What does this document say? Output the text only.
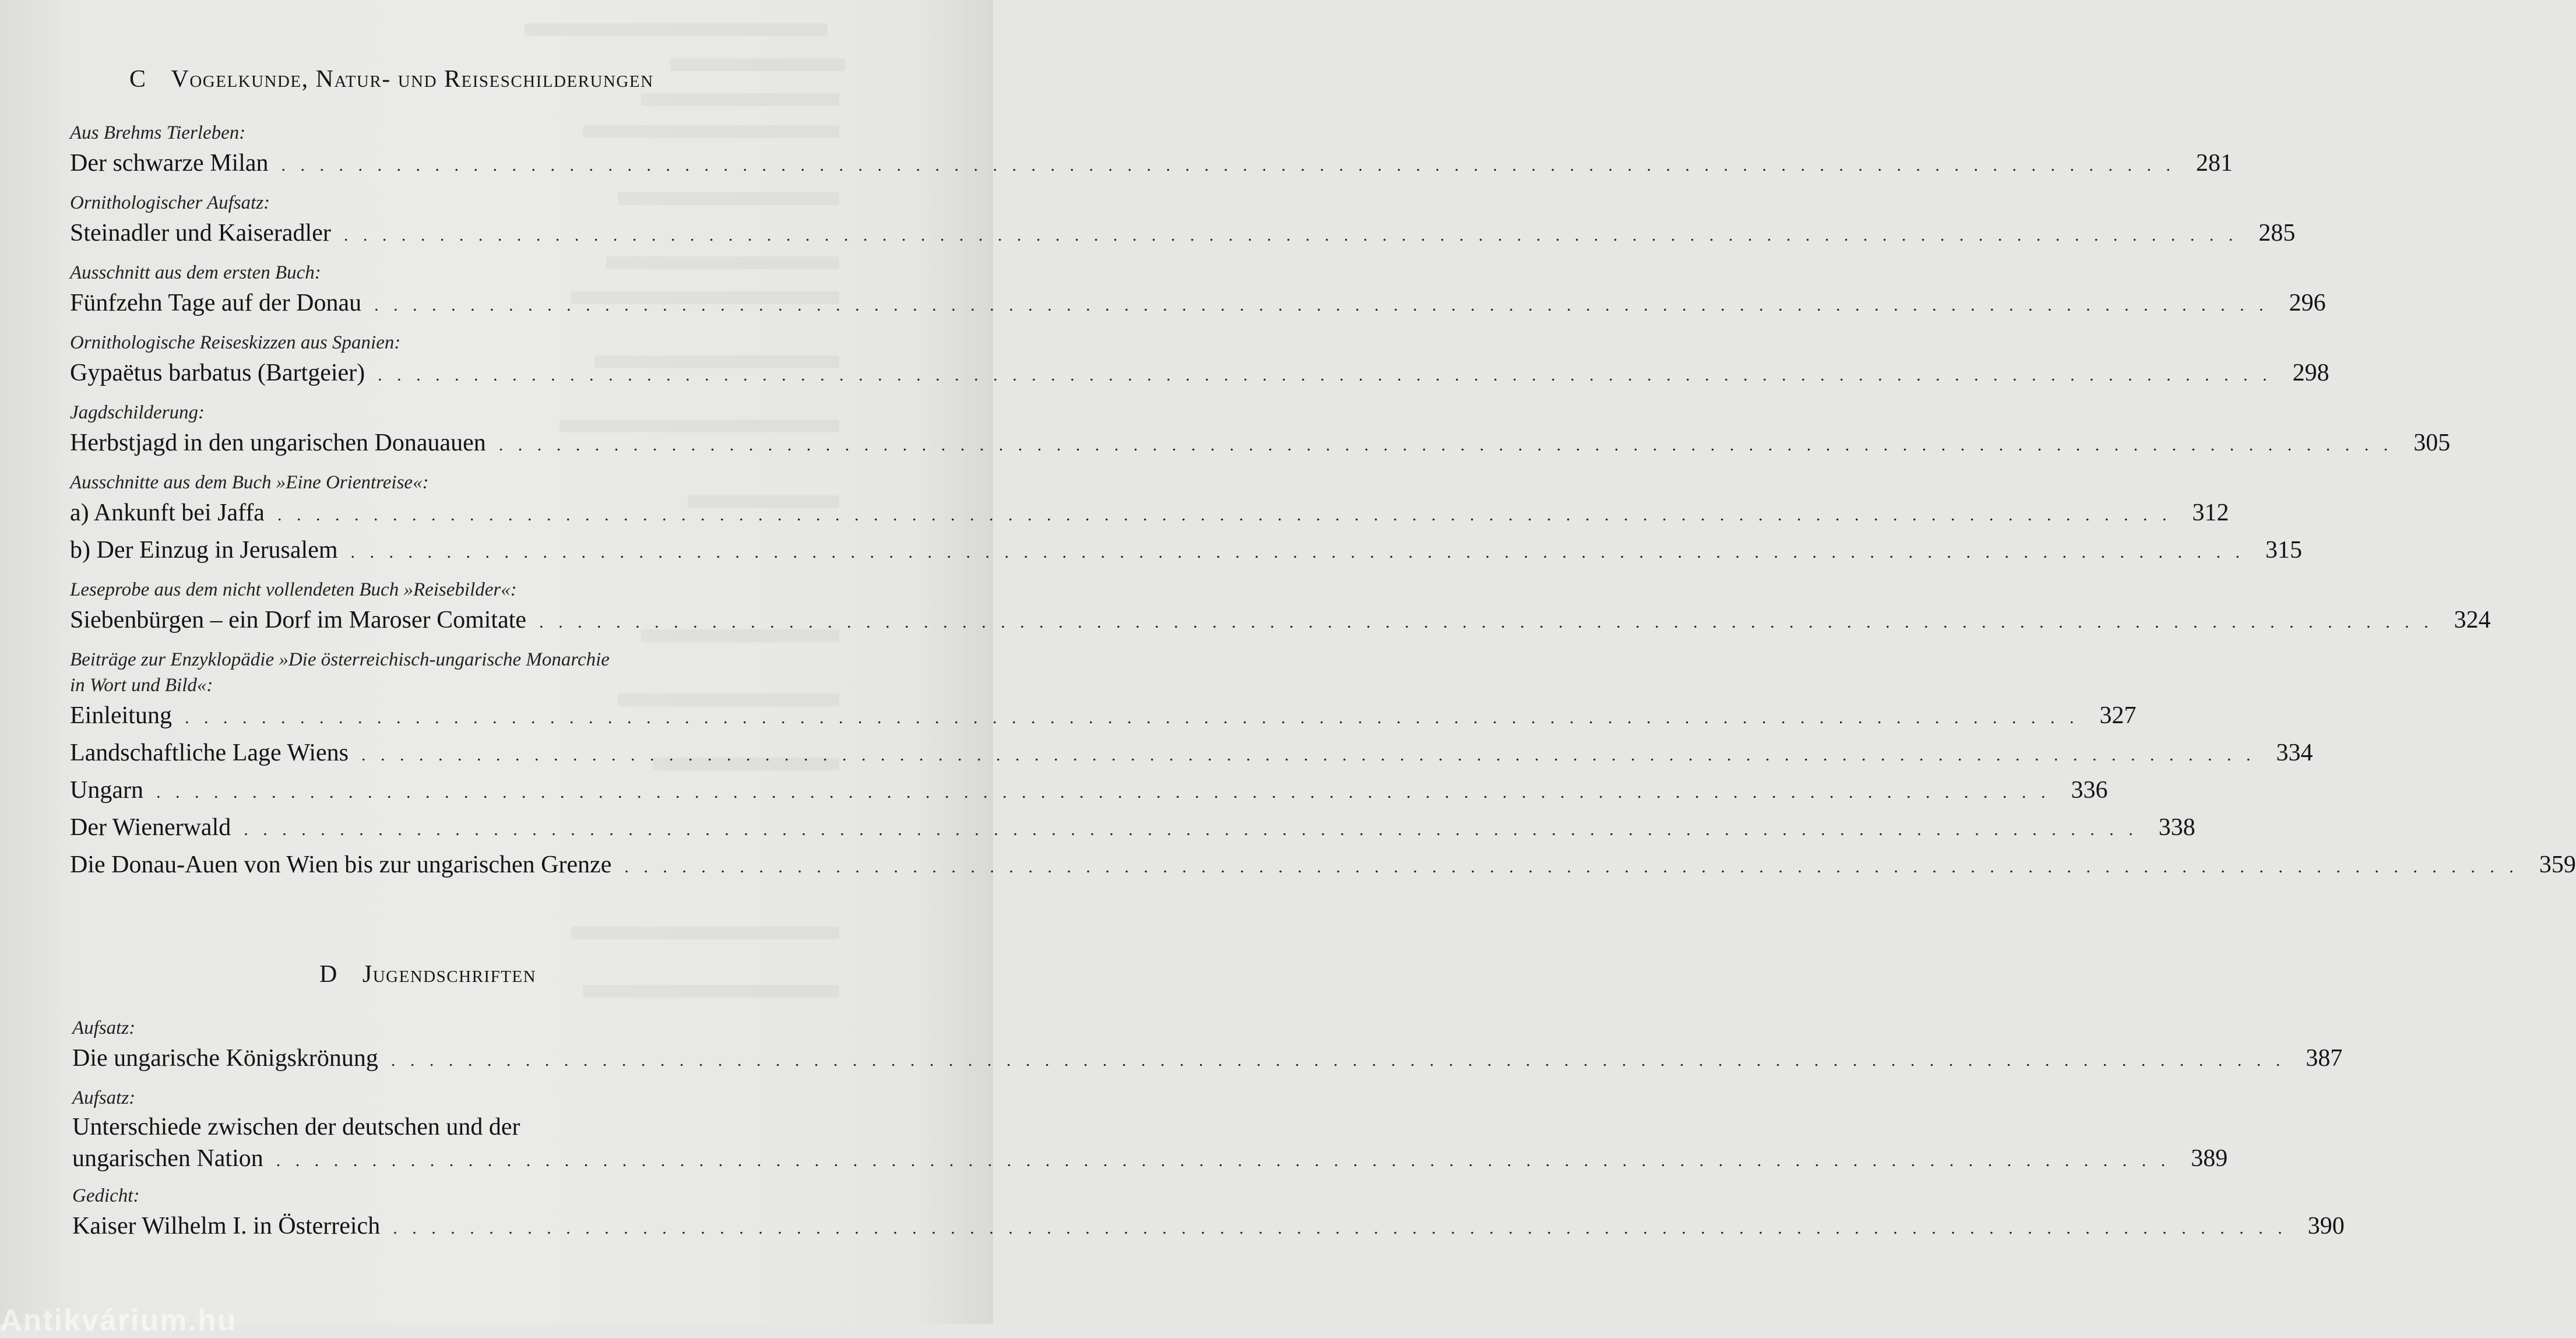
C Vogelkunde, Natur- und Reiseschilderungen
Aus Brehms Tierleben:
Der schwarze Milan . . . . . . . . . . . . . . . . . . . . . . . . . . . . . . . . . . . . . . . . . . . . . . . . . . . . . . . . . . . . . . . . . . . . . . . . . . . . . . . . . . . . . . . . . . . . . . . . . . . 281
Ornithologischer Aufsatz:
Steinadler und Kaiseradler . . . . . . . . . . . . . . . . . . . . . . . . . . . . . . . . . . . . . . . . . . . . . . . . . . . . . . . . . . . . . . . . . . . . . . . . . . . . . . . . . . . . . . . . . . . . . . . . . . . 285
Ausschnitt aus dem ersten Buch:
Fünfzehn Tage auf der Donau . . . . . . . . . . . . . . . . . . . . . . . . . . . . . . . . . . . . . . . . . . . . . . . . . . . . . . . . . . . . . . . . . . . . . . . . . . . . . . . . . . . . . . . . . . . . . . . . . . . 296
Ornithologische Reiseskizzen aus Spanien:
Gypaëtus barbatus (Bartgeier) . . . . . . . . . . . . . . . . . . . . . . . . . . . . . . . . . . . . . . . . . . . . . . . . . . . . . . . . . . . . . . . . . . . . . . . . . . . . . . . . . . . . . . . . . . . . . . . . . . . 298
Jagdschilderung:
Herbstjagd in den ungarischen Donauauen . . . . . . . . . . . . . . . . . . . . . . . . . . . . . . . . . . . . . . . . . . . . . . . . . . . . . . . . . . . . . . . . . . . . . . . . . . . . . . . . . . . . . . . . . . . . . . . . . . . 305
Ausschnitte aus dem Buch »Eine Orientreise«:
a) Ankunft bei Jaffa . . . . . . . . . . . . . . . . . . . . . . . . . . . . . . . . . . . . . . . . . . . . . . . . . . . . . . . . . . . . . . . . . . . . . . . . . . . . . . . . . . . . . . . . . . . . . . . . . . . 312
b) Der Einzug in Jerusalem . . . . . . . . . . . . . . . . . . . . . . . . . . . . . . . . . . . . . . . . . . . . . . . . . . . . . . . . . . . . . . . . . . . . . . . . . . . . . . . . . . . . . . . . . . . . . . . . . . . 315
Leseprobe aus dem nicht vollendeten Buch »Reisebilder«:
Siebenbürgen – ein Dorf im Maroser Comitate . . . . . . . . . . . . . . . . . . . . . . . . . . . . . . . . . . . . . . . . . . . . . . . . . . . . . . . . . . . . . . . . . . . . . . . . . . . . . . . . . . . . . . . . . . . . . . . . . . . 324
Beiträge zur Enzyklopädie »Die österreichisch-ungarische Monarchie
in Wort und Bild«:
Einleitung . . . . . . . . . . . . . . . . . . . . . . . . . . . . . . . . . . . . . . . . . . . . . . . . . . . . . . . . . . . . . . . . . . . . . . . . . . . . . . . . . . . . . . . . . . . . . . . . . . . 327
Landschaftliche Lage Wiens . . . . . . . . . . . . . . . . . . . . . . . . . . . . . . . . . . . . . . . . . . . . . . . . . . . . . . . . . . . . . . . . . . . . . . . . . . . . . . . . . . . . . . . . . . . . . . . . . . . 334
Ungarn . . . . . . . . . . . . . . . . . . . . . . . . . . . . . . . . . . . . . . . . . . . . . . . . . . . . . . . . . . . . . . . . . . . . . . . . . . . . . . . . . . . . . . . . . . . . . . . . . . . 336
Der Wienerwald . . . . . . . . . . . . . . . . . . . . . . . . . . . . . . . . . . . . . . . . . . . . . . . . . . . . . . . . . . . . . . . . . . . . . . . . . . . . . . . . . . . . . . . . . . . . . . . . . . . 338
Die Donau-Auen von Wien bis zur ungarischen Grenze . . . . . . . . . . . . . . . . . . . . . . . . . . . . . . . . . . . . . . . . . . . . . . . . . . . . . . . . . . . . . . . . . . . . . . . . . . . . . . . . . . . . . . . . . . . . . . . . . . . 359
D Jugendschriften
Aufsatz:
Die ungarische Königskrönung . . . . . . . . . . . . . . . . . . . . . . . . . . . . . . . . . . . . . . . . . . . . . . . . . . . . . . . . . . . . . . . . . . . . . . . . . . . . . . . . . . . . . . . . . . . . . . . . . . . 387
Aufsatz:
Unterschiede zwischen der deutschen und der
ungarischen Nation . . . . . . . . . . . . . . . . . . . . . . . . . . . . . . . . . . . . . . . . . . . . . . . . . . . . . . . . . . . . . . . . . . . . . . . . . . . . . . . . . . . . . . . . . . . . . . . . . . . 389
Gedicht:
Kaiser Wilhelm I. in Österreich . . . . . . . . . . . . . . . . . . . . . . . . . . . . . . . . . . . . . . . . . . . . . . . . . . . . . . . . . . . . . . . . . . . . . . . . . . . . . . . . . . . . . . . . . . . . . . . . . . . 390
Antikvárium.hu
